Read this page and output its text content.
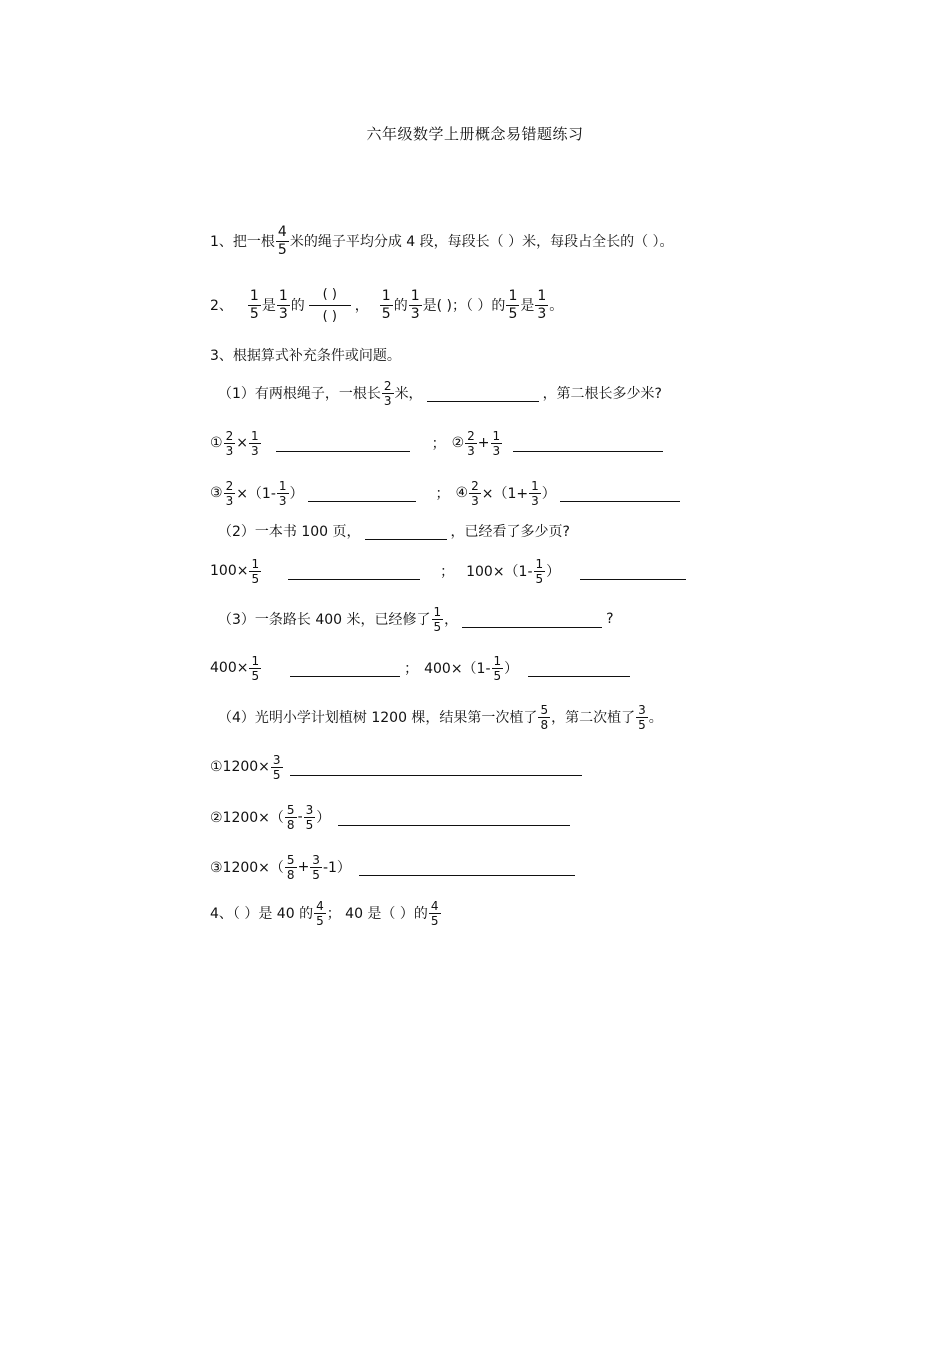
六年级数学上册概念易错题练习
1、把一根 $\frac{4}{5}$ 米的绳子平均分成 4 段，每段长（ ）米，每段占全长的（ ）。
2、 $\frac{1}{5}$ 是 $\frac{1}{3}$ 的 $\frac{( )}{( )}$ ， $\frac{1}{5}$ 的 $\frac{1}{3}$ 是( )；（ ）的 $\frac{1}{5}$ 是 $\frac{1}{3}$ 。
3、根据算式补充条件或问题。
（1）有两根绳子，一根长 $\frac{2}{3}$ 米，	，第二根长多少米?
① $\frac{2}{3} \times \frac{1}{3}$	； ② $\frac{2}{3} + \frac{1}{3}$
③ $\frac{2}{3} \times(1- \frac{1}{3}$ ）	； ④ $\frac{2}{3} \times(1+ \frac{1}{3}$ ）
（2）一本书 100 页，	，已经看了多少页?
$100\times \frac{1}{5}$	； $100\times(1- \frac{1}{5}$ ）
（3）一条路长 400 米，已经修了 $\frac{1}{5}$ ，	?
$400\times \frac{1}{5}$	； $400\times(1- \frac{1}{5}$ ）
（4）光明小学计划植树 1200 棵，结果第一次植了 $\frac{5}{8}$ ，第二次植了 $\frac{3}{5}$ 。
①1200× $\frac{3}{5}$
②1200×（ $\frac{5}{8} - \frac{3}{5}$ ）
③1200×（ $\frac{5}{8} + \frac{3}{5} -1$）
4、（ ）是 40 的 $\frac{4}{5}$ ； 40 是（ ）的 $\frac{4}{5}$
